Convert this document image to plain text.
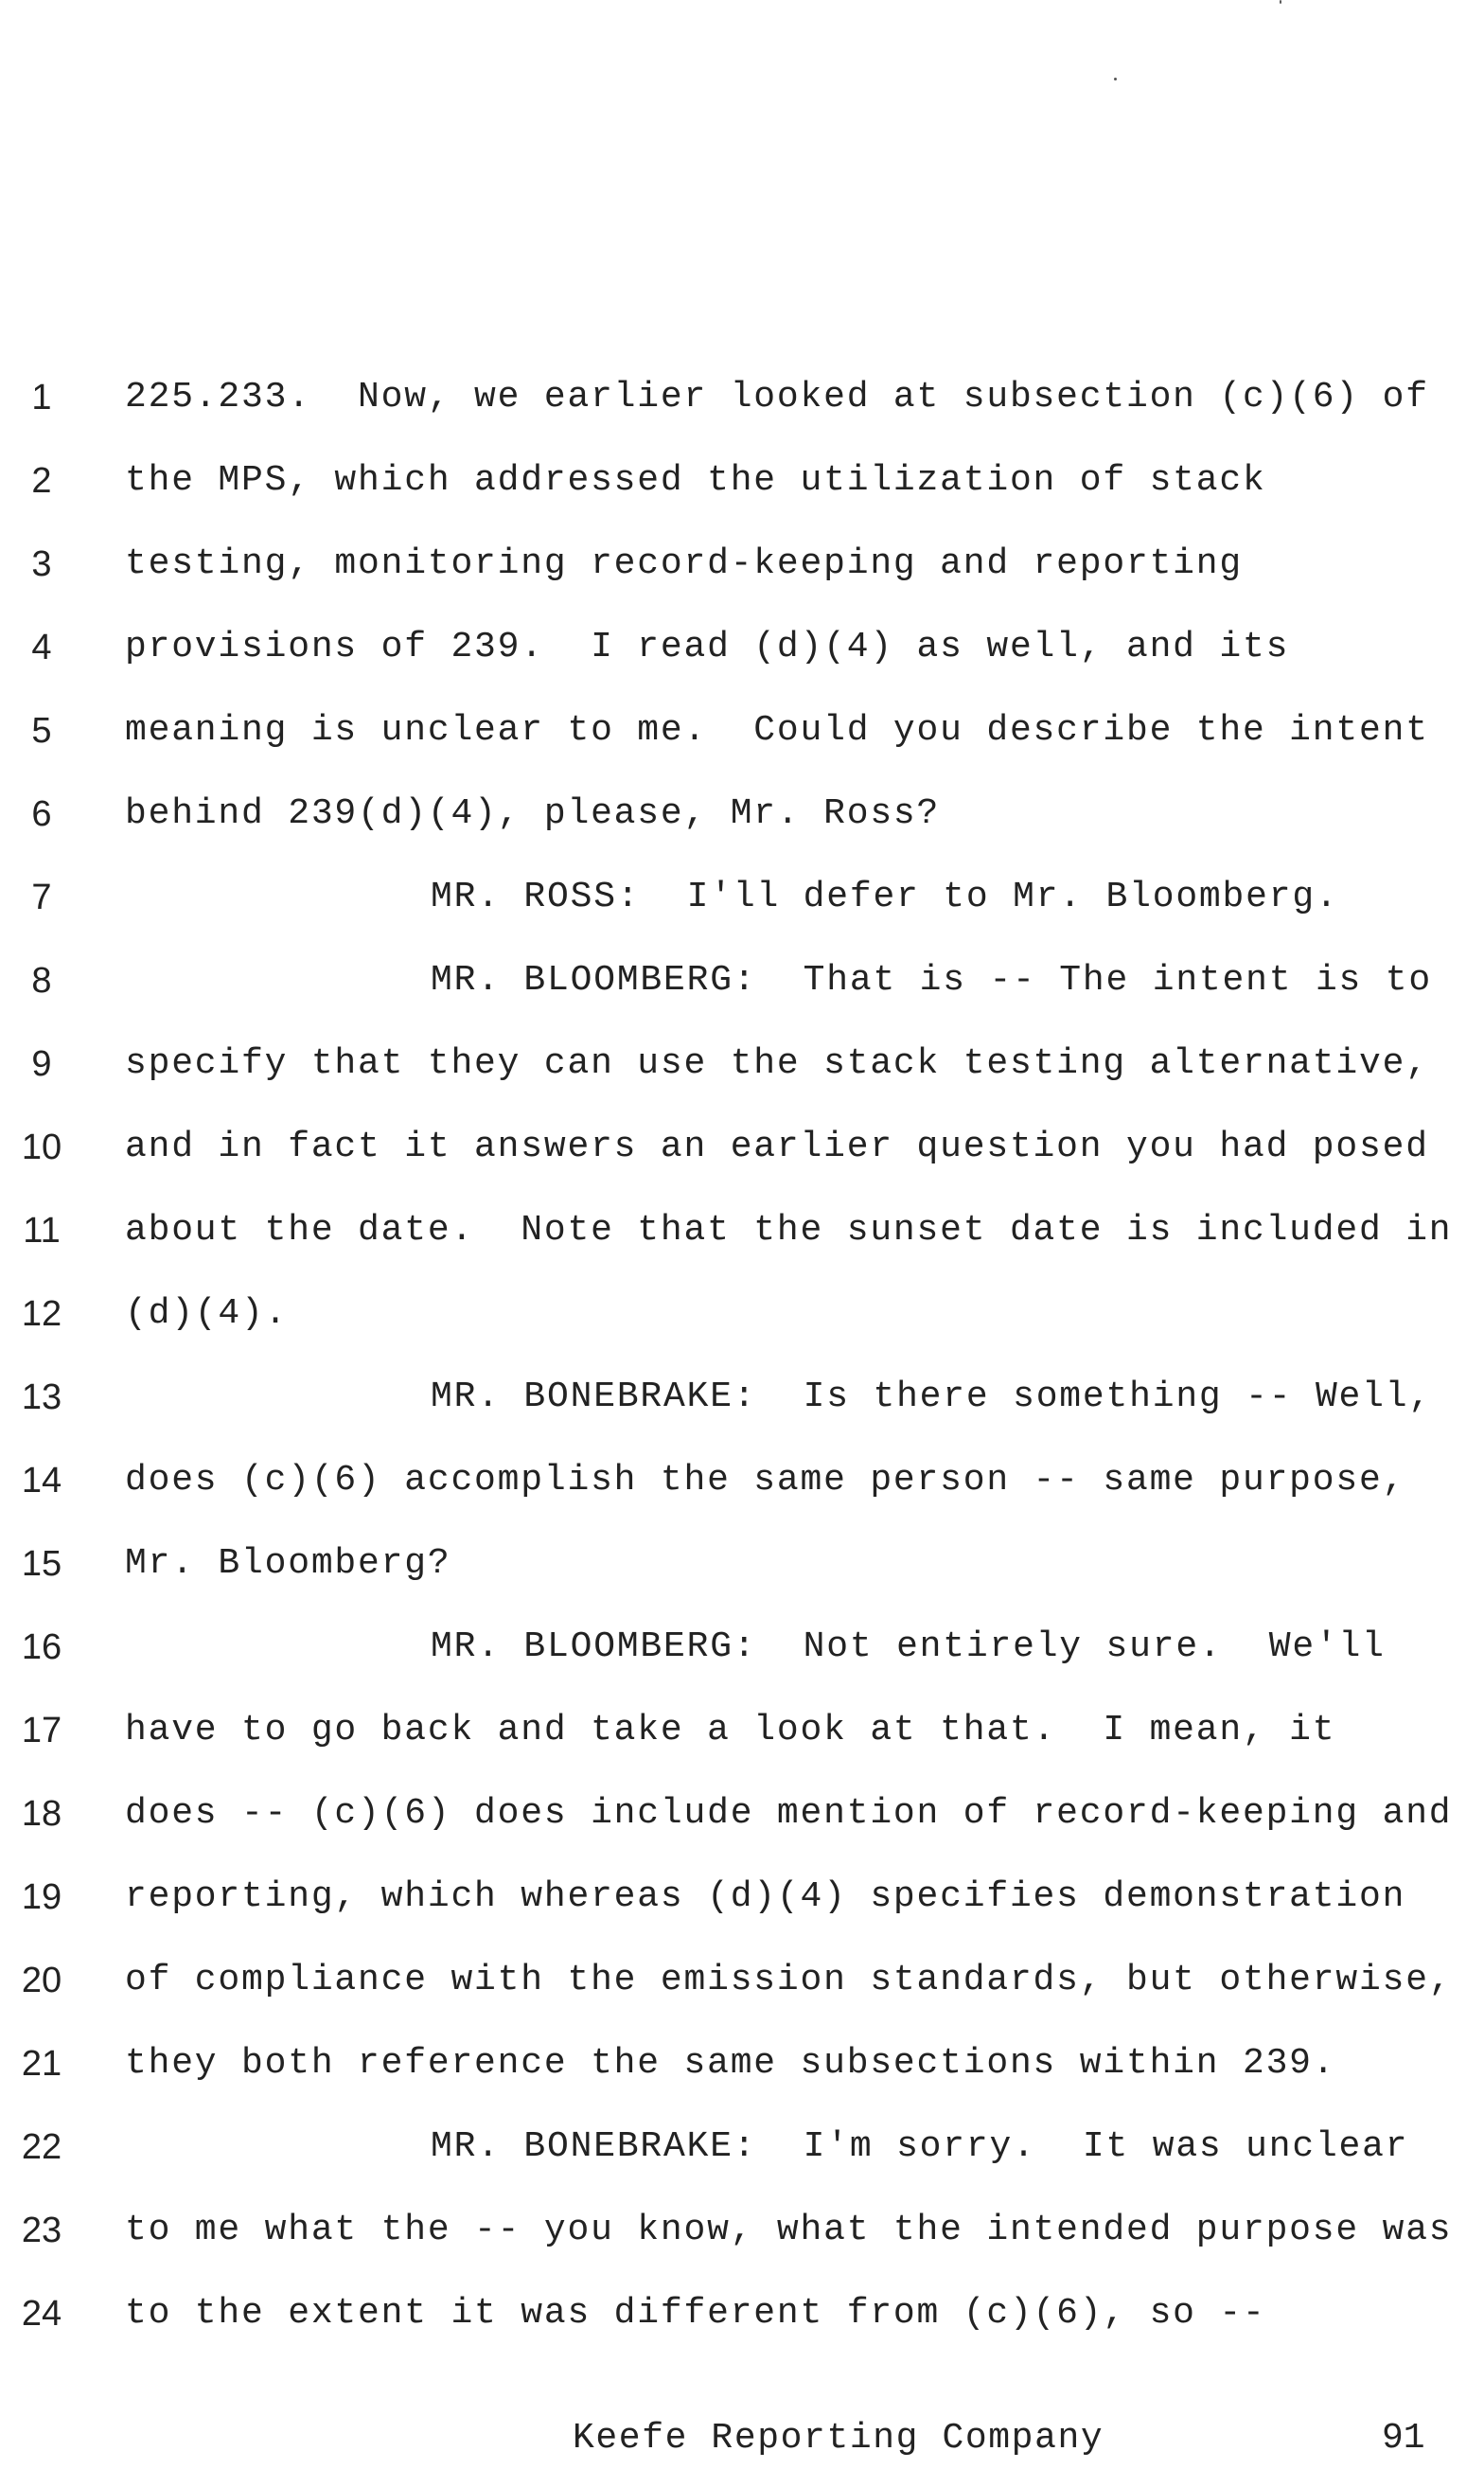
1	225.233.  Now, we earlier looked at subsection (c)(6) of
2	the MPS, which addressed the utilization of stack
3	testing, monitoring record-keeping and reporting
4	provisions of 239.  I read (d)(4) as well, and its
5	meaning is unclear to me.  Could you describe the intent
6	behind 239(d)(4), please, Mr. Ross?
7	MR. ROSS:  I'll defer to Mr. Bloomberg.
8	MR. BLOOMBERG:  That is -- The intent is to
9	specify that they can use the stack testing alternative,
10 and in fact it answers an earlier question you had posed
11 about the date.  Note that the sunset date is included in
12 (d)(4).
13	MR. BONEBRAKE:  Is there something -- Well,
14 does (c)(6) accomplish the same person -- same purpose,
15 Mr. Bloomberg?
16	MR. BLOOMBERG:  Not entirely sure.  We'll
17 have to go back and take a look at that.  I mean, it
18 does -- (c)(6) does include mention of record-keeping and
19 reporting, which whereas (d)(4) specifies demonstration
20 of compliance with the emission standards, but otherwise,
21 they both reference the same subsections within 239.
22	MR. BONEBRAKE:  I'm sorry.  It was unclear
23 to me what the -- you know, what the intended purpose was
24 to the extent it was different from (c)(6), so --
Keefe Reporting Company	91
